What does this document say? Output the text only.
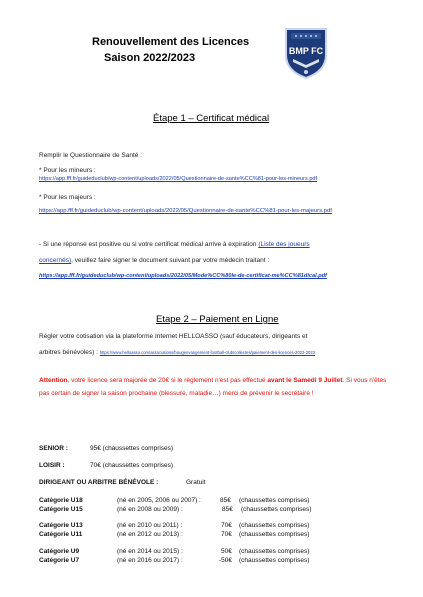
Renouvellement des Licences
Saison 2022/2023
BMP FC
Étape 1 – Certificat médical
Remplir le Questionnaire de Santé :
* Pour les mineurs :
https://app.fff.fr/guideduclub/wp-content/uploads/2022/05/Questionnaire-de-sante%CC%81-pour-les-mineurs.pdf
* Pour les majeurs :
https://app.fff.fr/guideduclub/wp-content/uploads/2022/05/Questionnaire-de-sante%CC%81-pour-les-majeurs.pdf
- Si une réponse est positive ou si votre certificat médical arrive à expiration (Liste des joueurs
concernés), veuillez faire signer le document suivant par votre médecin traitant :
https://app.fff.fr/guideduclub/wp-content/uploads/2022/05/Mode%CC%80le-de-certificat-me%CC%81dical.pdf
Etape 2 – Paiement en Ligne
Régler votre cotisation via la plateforme Internet HELLOASSO (sauf éducateurs, dirigeants et
arbitres bénévoles) : https://www.helloasso.com/associations/bougenvangement-football-club/collectes/paiement-des-licences-2022-2023
Attention, votre licence sera majorée de 20€ si le règlement n'est pas effectué avant le Samedi 9 Juillet. Si vous n'êtes pas certain de signer la saison prochaine (blessure, maladie…) merci de prévenir le secrétaire !
SENIOR :	95€ (chaussettes comprises)
LOISIR :	70€ (chaussettes comprises)
DIRIGEANT OU ARBITRE BÉNÉVOLE :	Gratuit
Catégorie U18	(né en 2005, 2006 ou 2007) :	85€ (chaussettes comprises)
Catégorie U15	(né en 2008 ou 2009) :	85€ (chaussettes comprises)
Catégorie U13	(né en 2010 ou 2011) :	70€ (chaussettes comprises)
Catégorie U11	(né en 2012 ou 2013) :	70€ (chaussettes comprises)
Catégorie U9	(né en 2014 ou 2015) :	50€ (chaussettes comprises)
Catégorie U7	(né en 2016 ou 2017) :	-50€ (chaussettes comprises)
